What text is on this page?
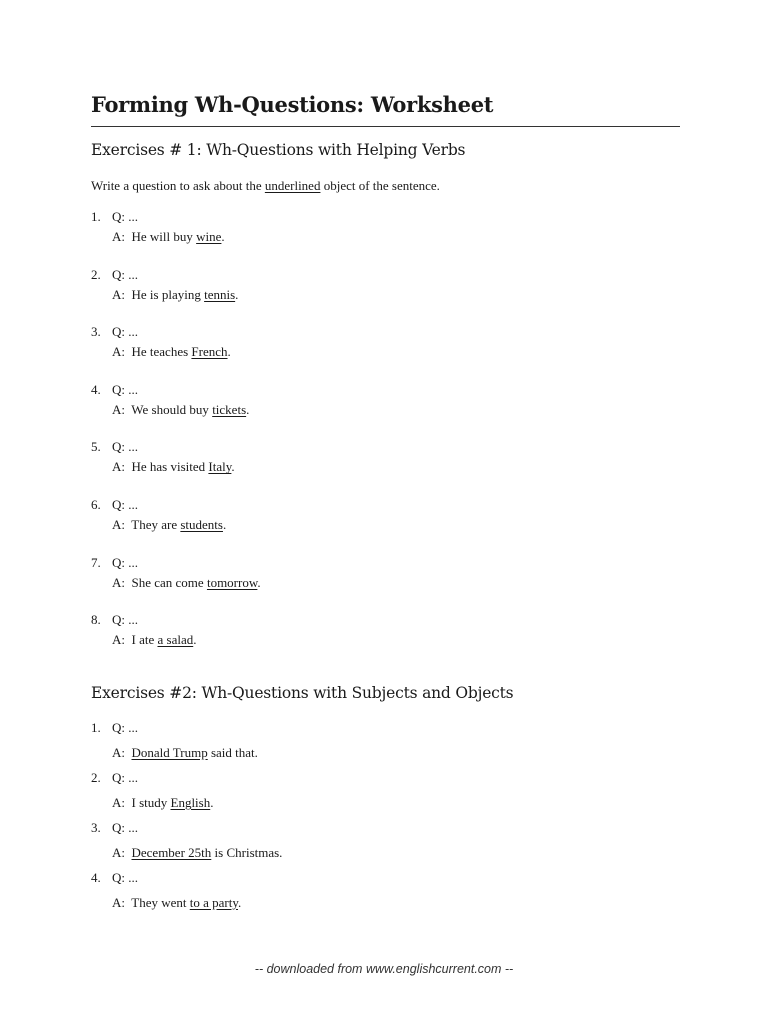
Forming Wh-Questions: Worksheet
Exercises # 1: Wh-Questions with Helping Verbs

Write a question to ask about the underlined object of the sentence.

1. Q: ...
A:  He will buy wine.
2. Q: ...
A:  He is playing tennis.
3. Q: ...
A:  He teaches French.
4. Q: ...
A:  We should buy tickets.
5. Q: ...
A:  He has visited Italy.
6. Q: ...
A:  They are students.
7. Q: ...
A:  She can come tomorrow.
8. Q: ...
A:  I ate a salad.
Exercises #2: Wh-Questions with Subjects and Objects
1. Q: ...
A:  Donald Trump said that.
2. Q: ...
A:  I study English.
3. Q: ...
A:  December 25th is Christmas.
4. Q: ...
A:  They went to a party.
-- downloaded from www.englishcurrent.com --
